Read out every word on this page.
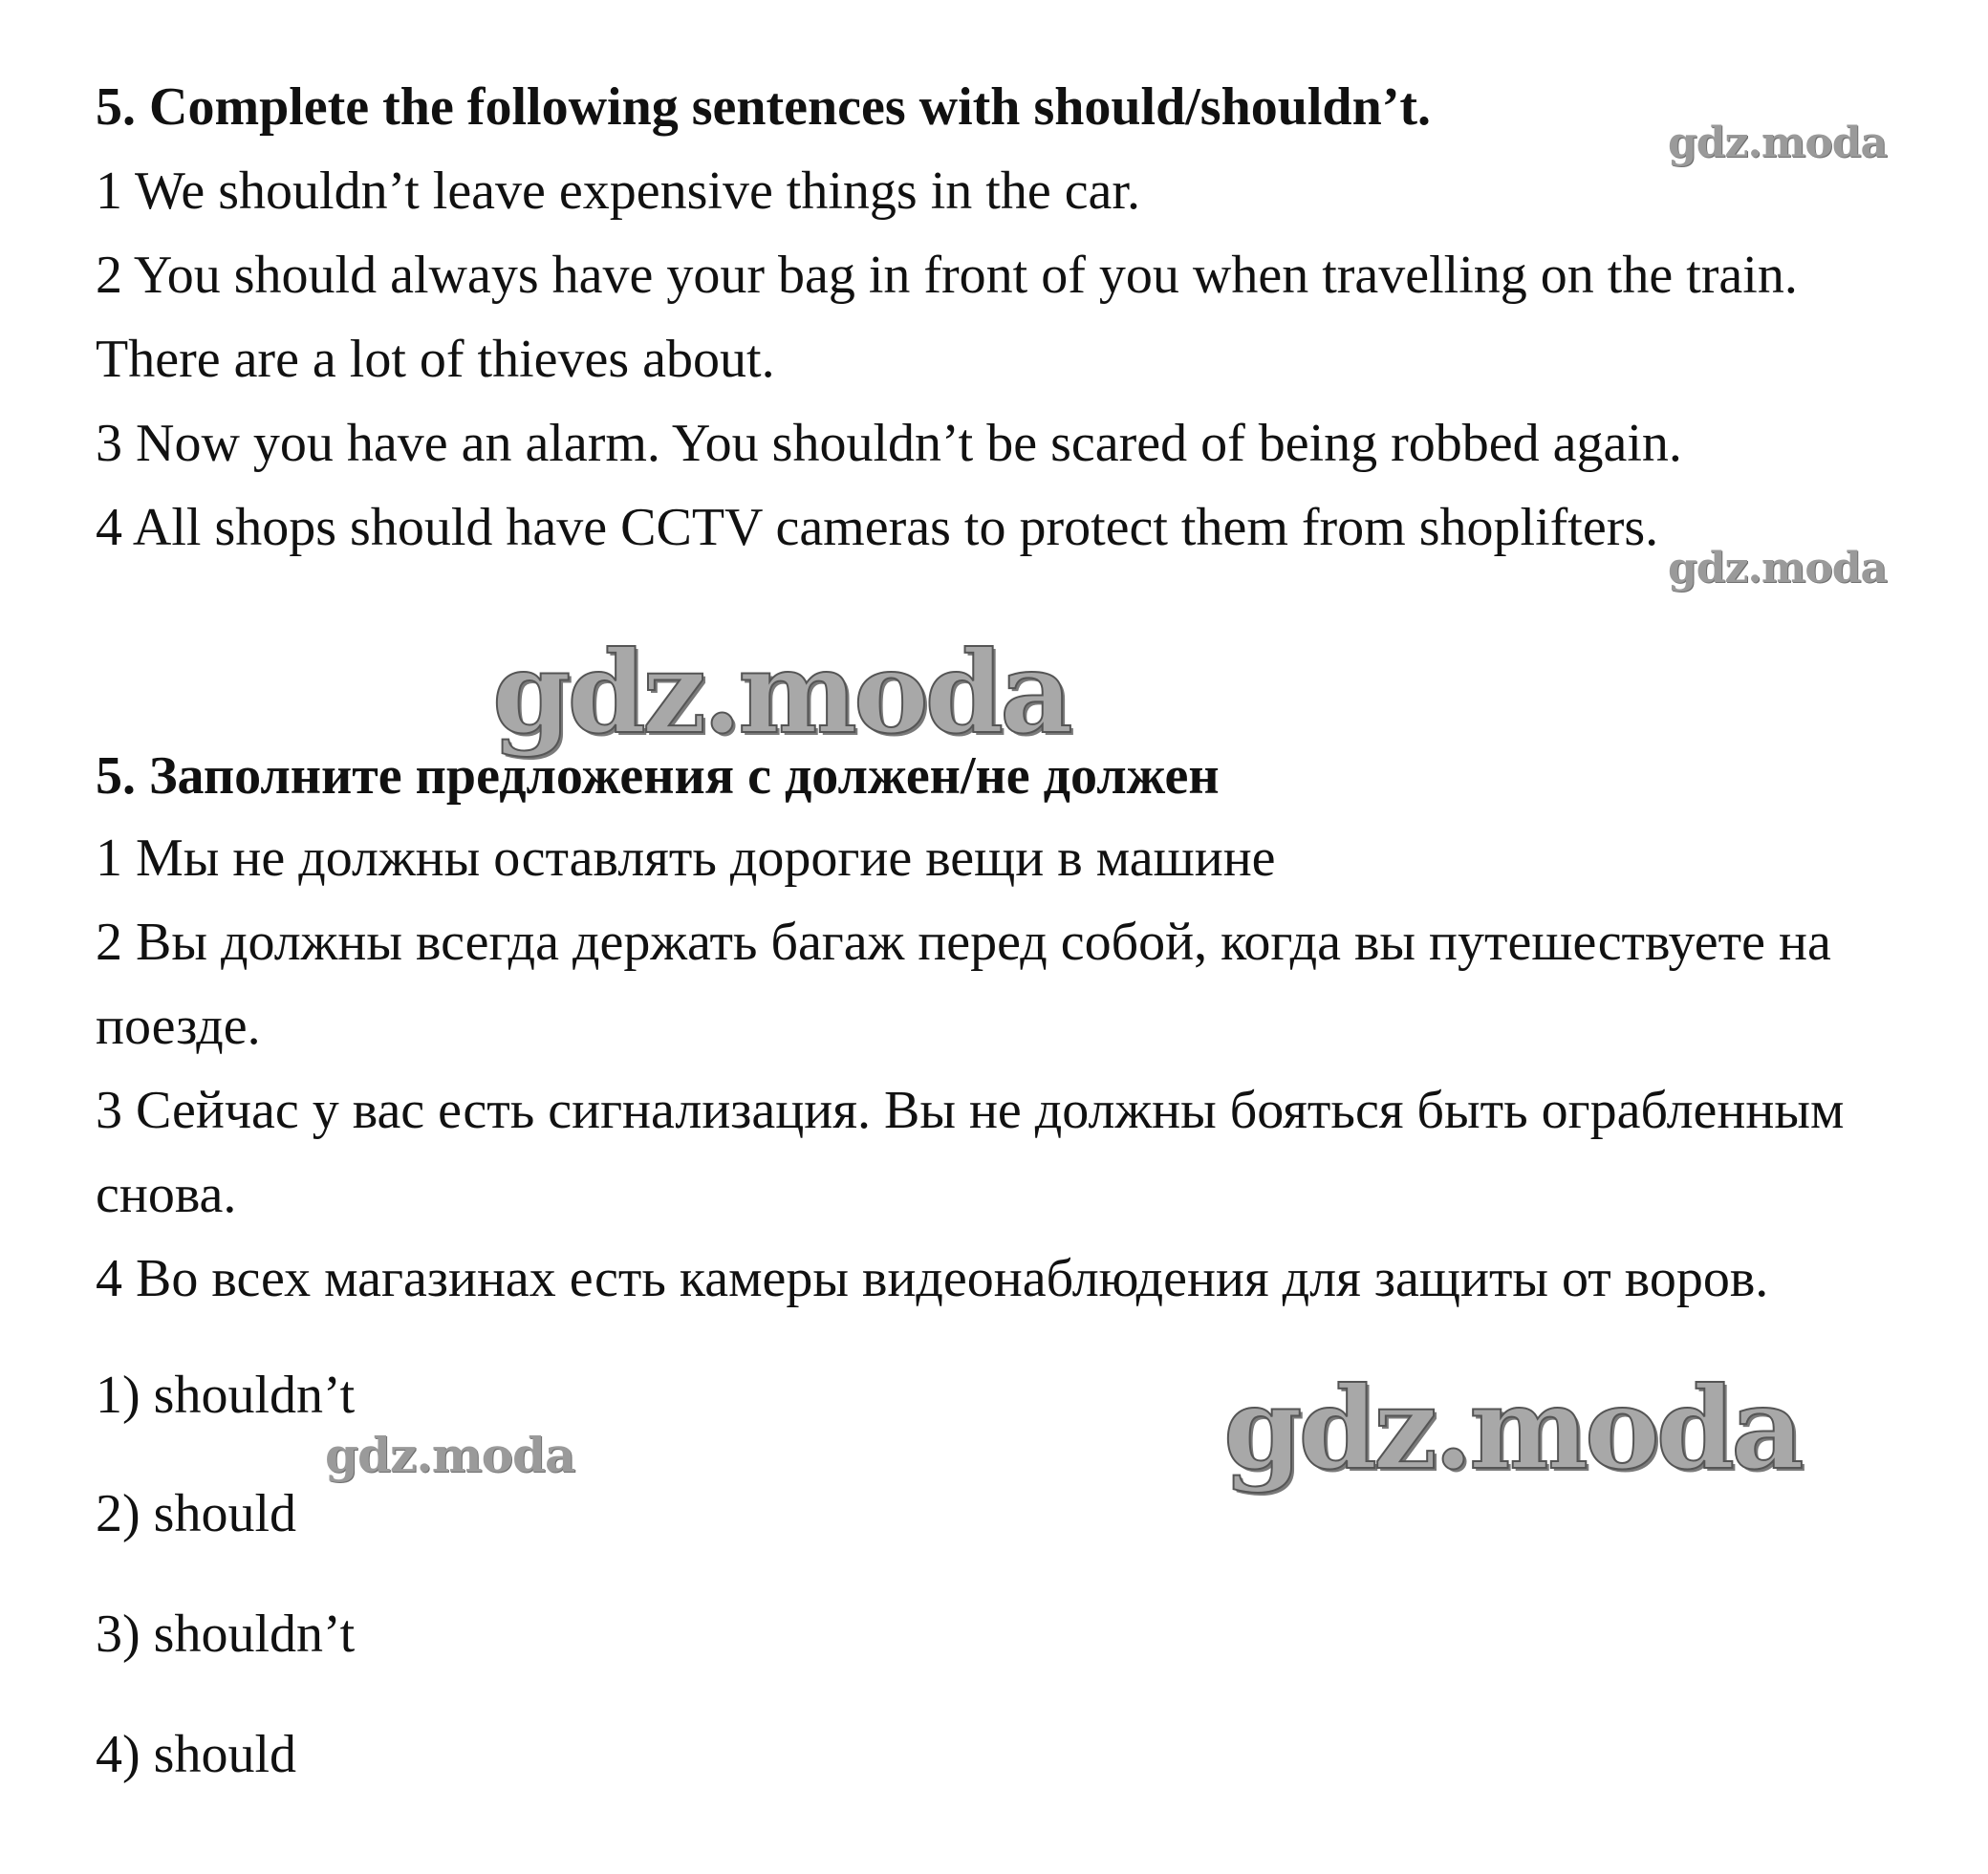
5. Complete the following sentences with should/shouldn’t.
1 We shouldn’t leave expensive things in the car.
2 You should always have your bag in front of you when travelling on the train.
There are a lot of thieves about.
3 Now you have an alarm. You shouldn’t be scared of being robbed again.
4 All shops should have CCTV cameras to protect them from shoplifters.
5. Заполните предложения с должен/не должен
1 Мы не должны оставлять дорогие вещи в машине
2 Вы должны всегда держать багаж перед собой, когда вы путешествуете на
поезде.
3 Сейчас у вас есть сигнализация. Вы не должны бояться быть ограбленным
снова.
4 Во всех магазинах есть камеры видеонаблюдения для защиты от воров.
1) shouldn’t
2) should
3) shouldn’t
4) should
gdz.moda
gdz.moda
gdz.moda
gdz.moda	gdz.moda
